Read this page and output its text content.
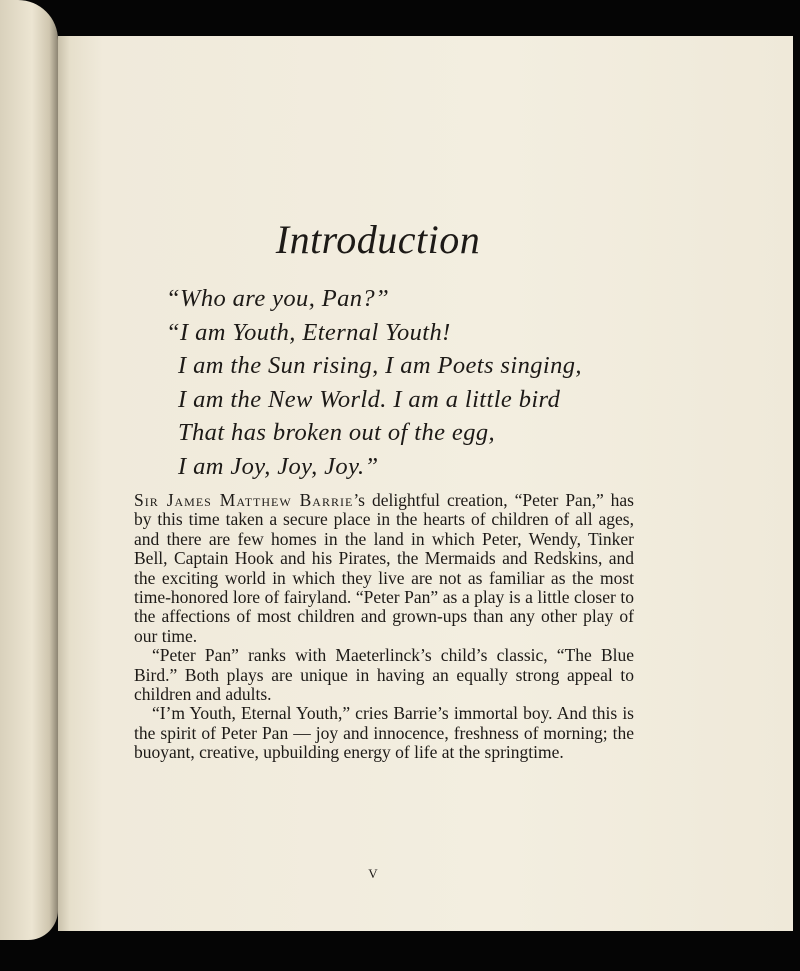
Introduction
“Who are you, Pan?”
“I am Youth, Eternal Youth!
I am the Sun rising, I am Poets singing,
I am the New World. I am a little bird
That has broken out of the egg,
I am Joy, Joy, Joy.”

Sir James Matthew Barrie’s delightful creation, “Peter Pan,” has by this time taken a secure place in the hearts of children of all ages, and there are few homes in the land in which Peter, Wendy, Tinker Bell, Captain Hook and his Pirates, the Mermaids and Redskins, and the exciting world in which they live are not as familiar as the most time-honored lore of fairyland. “Peter Pan” as a play is a little closer to the affections of most children and grown-ups than any other play of our time.

“Peter Pan” ranks with Maeterlinck’s child’s classic, “The Blue Bird.” Both plays are unique in having an equally strong appeal to children and adults.

“I’m Youth, Eternal Youth,” cries Barrie’s immortal boy. And this is the spirit of Peter Pan — joy and innocence, freshness of morning; the buoyant, creative, upbuilding energy of life at the springtime.

v
